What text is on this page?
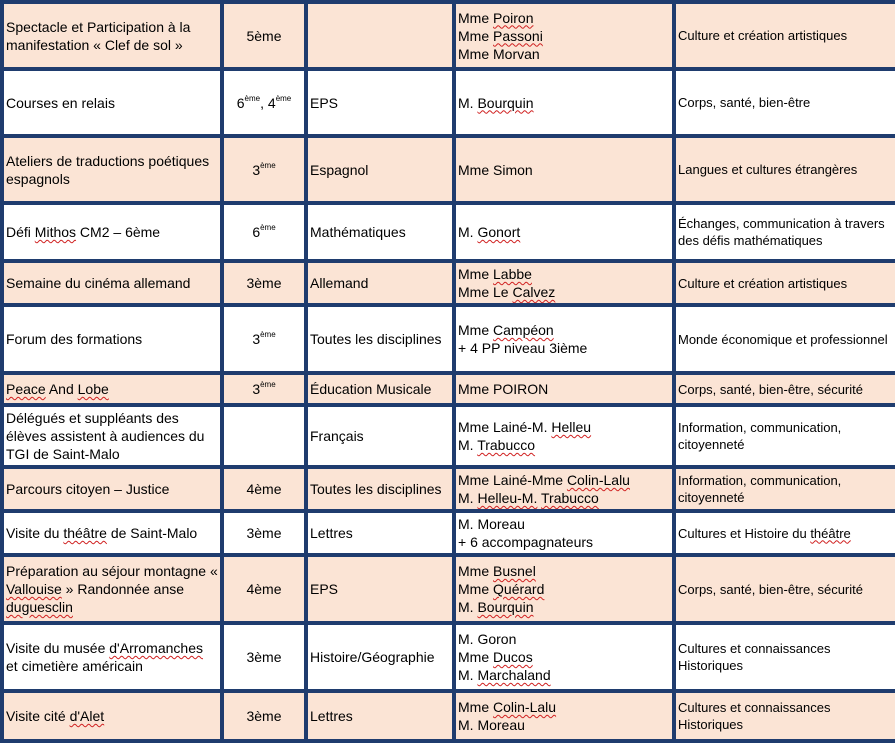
Spectacle et Participation à la manifestation « Clef de sol »	5ème		Mme Poiron
Mme Passoni
Mme Morvan	Culture et création artistiques
Courses en relais	6ème, 4ème	EPS	M. Bourquin	Corps, santé, bien-être
Ateliers de traductions poétiques espagnols	3ème	Espagnol	Mme Simon	Langues et cultures étrangères
Défi Mithos CM2 – 6ème	6ème	Mathématiques	M. Gonort	Échanges, communication à travers des défis mathématiques
Semaine du cinéma allemand	3ème	Allemand	Mme Labbe
Mme Le Calvez	Culture et création artistiques
Forum des formations	3ème	Toutes les disciplines	Mme Campéon
+ 4 PP niveau 3ième	Monde économique et professionnel
Peace And Lobe	3ème	Éducation Musicale	Mme POIRON	Corps, santé, bien-être, sécurité
Délégués et suppléants des élèves assistent à audiences du TGI de Saint-Malo		Français	Mme Lainé-M. Helleu
M. Trabucco	Information, communication, citoyenneté
Parcours citoyen – Justice	4ème	Toutes les disciplines	Mme Lainé-Mme Colin-Lalu
M. Helleu-M. Trabucco	Information, communication, citoyenneté
Visite du théâtre de Saint-Malo	3ème	Lettres	M. Moreau
+ 6 accompagnateurs	Cultures et Histoire du théâtre
Préparation au séjour montagne « Vallouise » Randonnée anse duguesclin	4ème	EPS	Mme Busnel
Mme Quérard
M. Bourquin	Corps, santé, bien-être, sécurité
Visite du musée d'Arromanches et cimetière américain	3ème	Histoire/Géographie	M. Goron
Mme Ducos
M. Marchaland	Cultures et connaissances Historiques
Visite cité d'Alet	3ème	Lettres	Mme Colin-Lalu
M. Moreau	Cultures et connaissances Historiques
